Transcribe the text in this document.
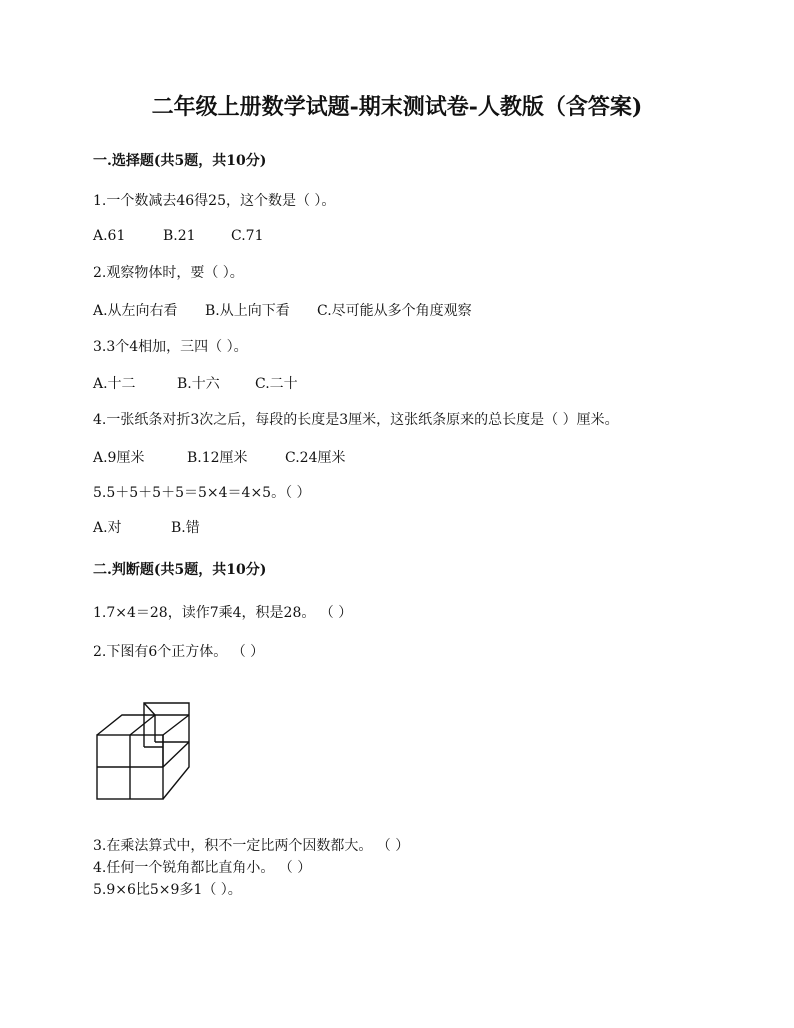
二年级上册数学试题-期末测试卷-人教版（含答案)
一.选择题(共5题，共10分)
1.一个数减去46得25，这个数是（ ）。
A.61	B.21	C.71
2.观察物体时，要（ ）。
A.从左向右看 B.从上向下看 C.尽可能从多个角度观察
3.3个4相加，三四（ ）。
A.十二	B.十六	C.二十
4.一张纸条对折3次之后，每段的长度是3厘米，这张纸条原来的总长度是（ ）厘米。
A.9厘米	B.12厘米	C.24厘米
5.5＋5＋5＋5＝5×4＝4×5。（ ）
A.对	B.错
二.判断题(共5题，共10分)
1.7×4＝28，读作7乘4，积是28。 （ ）
2.下图有6个正方体。 （ ）
3.在乘法算式中，积不一定比两个因数都大。 （ ）
4.任何一个锐角都比直角小。 （ ）
5.9×6比5×9多1（ ）。
